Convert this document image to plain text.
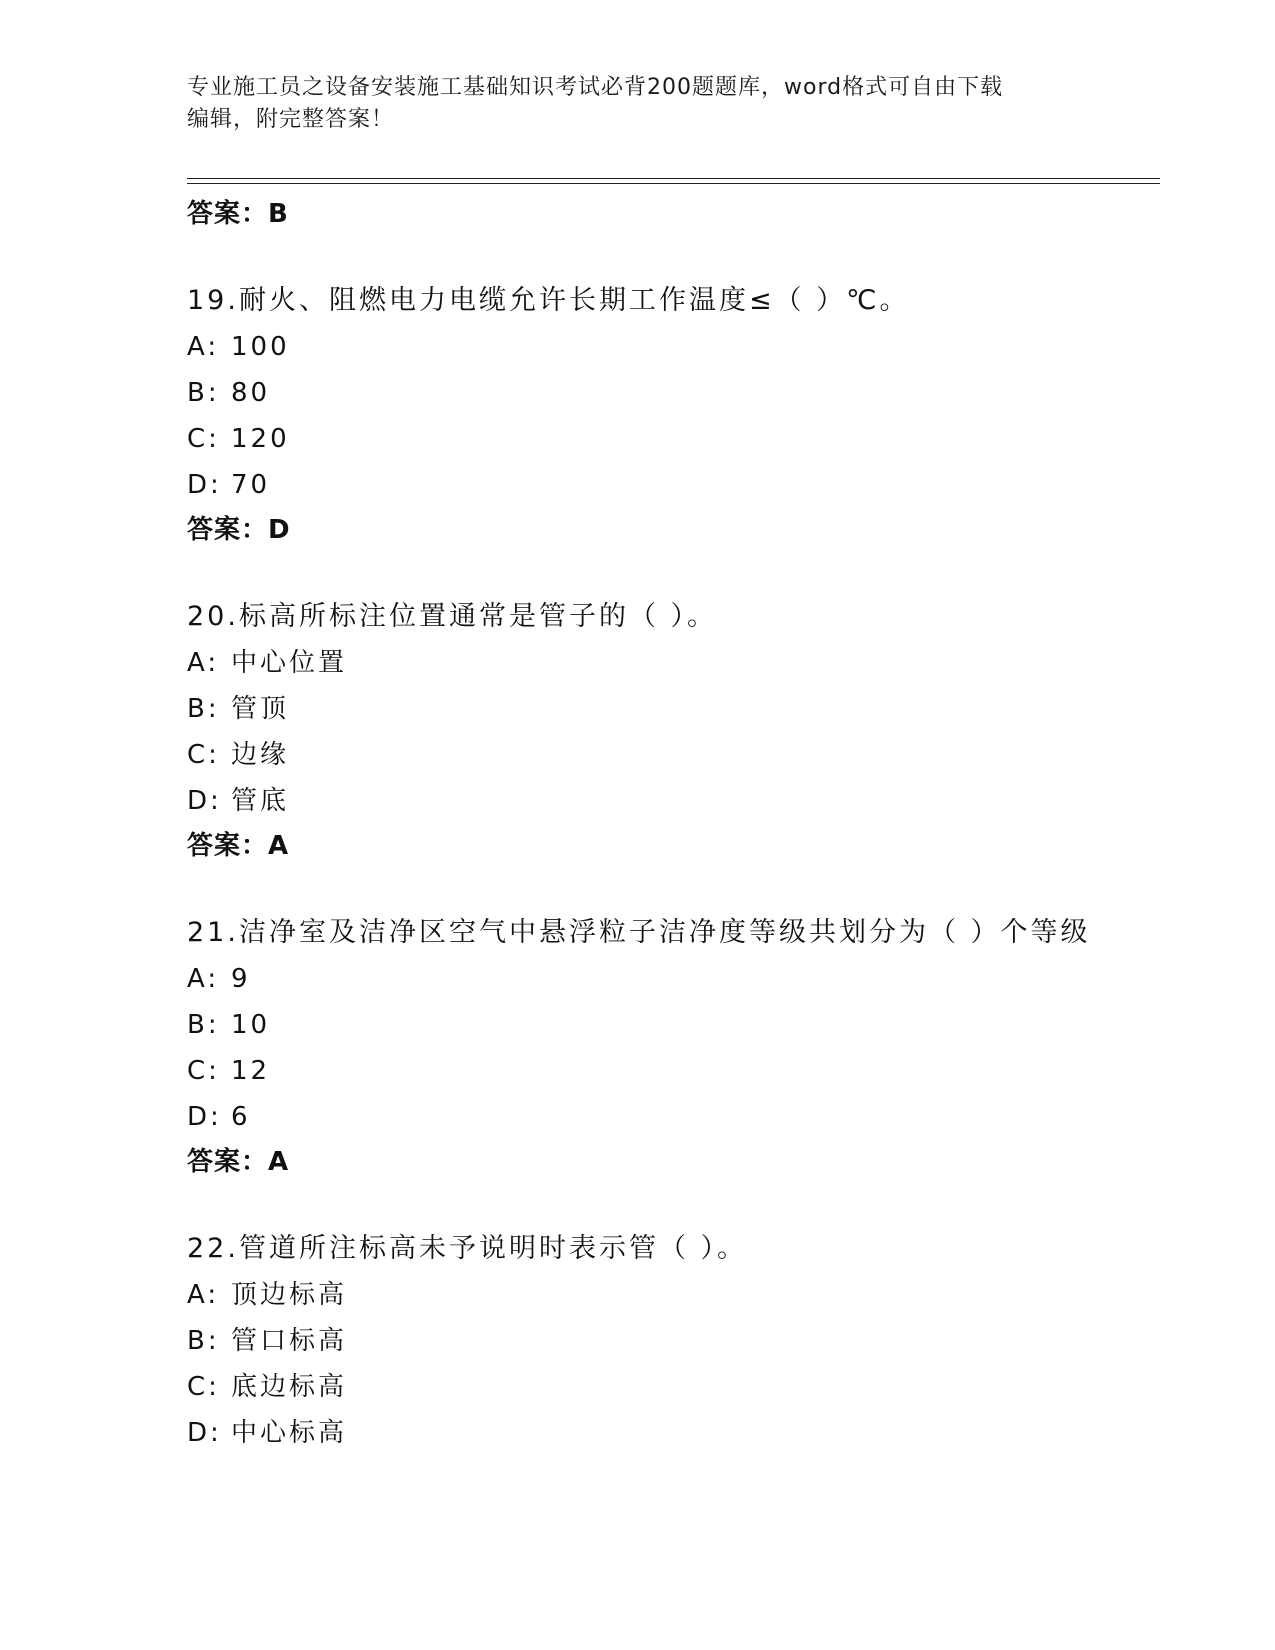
专业施工员之设备安装施工基础知识考试必背200题题库，word格式可自由下载
编辑，附完整答案！
答案：B
19.耐火、阻燃电力电缆允许长期工作温度≤（ ）℃。
A: 100
B: 80
C: 120
D: 70
答案：D
20.标高所标注位置通常是管子的（ ）。
A: 中心位置
B: 管顶
C: 边缘
D: 管底
答案：A
21.洁净室及洁净区空气中悬浮粒子洁净度等级共划分为（ ）个等级
A: 9
B: 10
C: 12
D: 6
答案：A
22.管道所注标高未予说明时表示管（ ）。
A: 顶边标高
B: 管口标高
C: 底边标高
D: 中心标高
